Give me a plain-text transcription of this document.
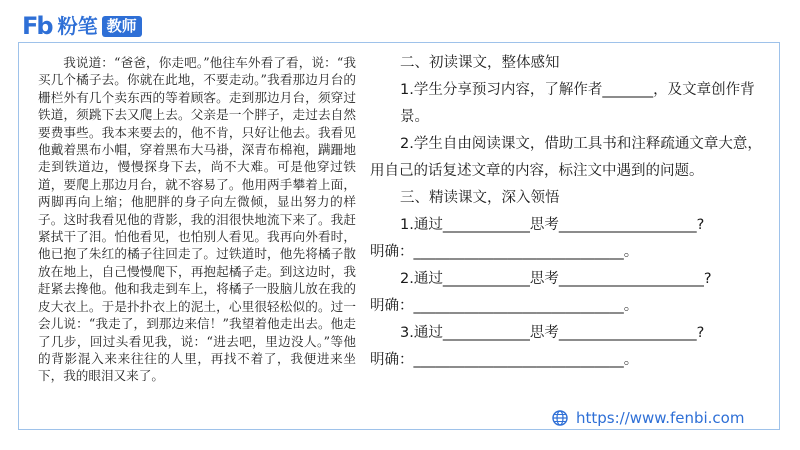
Fb 粉笔 教师
我说道：“爸爸，你走吧。”他往车外看了看，说：“我买几个橘子去。你就在此地，不要走动。”我看那边月台的栅栏外有几个卖东西的等着顾客。走到那边月台，须穿过铁道，须跳下去又爬上去。父亲是一个胖子，走过去自然要费事些。我本来要去的，他不肯，只好让他去。我看见他戴着黑布小帽，穿着黑布大马褂，深青布棉袍，蹒跚地走到铁道边，慢慢探身下去，尚不大难。可是他穿过铁道，要爬上那边月台，就不容易了。他用两手攀着上面，两脚再向上缩；他肥胖的身子向左微倾，显出努力的样子。这时我看见他的背影，我的泪很快地流下来了。我赶紧拭干了泪。怕他看见，也怕别人看见。我再向外看时，他已抱了朱红的橘子往回走了。过铁道时，他先将橘子散放在地上，自己慢慢爬下，再抱起橘子走。到这边时，我赶紧去搀他。他和我走到车上，将橘子一股脑儿放在我的皮大衣上。于是扑扑衣上的泥土，心里很轻松似的。过一会儿说：“我走了，到那边来信！”我望着他走出去。他走了几步，回过头看见我，说：“进去吧，里边没人。”等他的背影混入来来往往的人里，再找不着了，我便进来坐下，我的眼泪又来了。

二、初读课文，整体感知

1.学生分享预习内容，了解作者_______，及文章创作背景。

2.学生自由阅读课文，借助工具书和注释疏通文章大意，用自己的话复述文章的内容，标注文中遇到的问题。

三、精读课文，深入领悟

1.通过____________思考___________________?

明确：_____________________________。

2.通过____________思考____________________?

明确：_____________________________。

3.通过____________思考___________________?

明确：_____________________________。

https://www.fenbi.com
